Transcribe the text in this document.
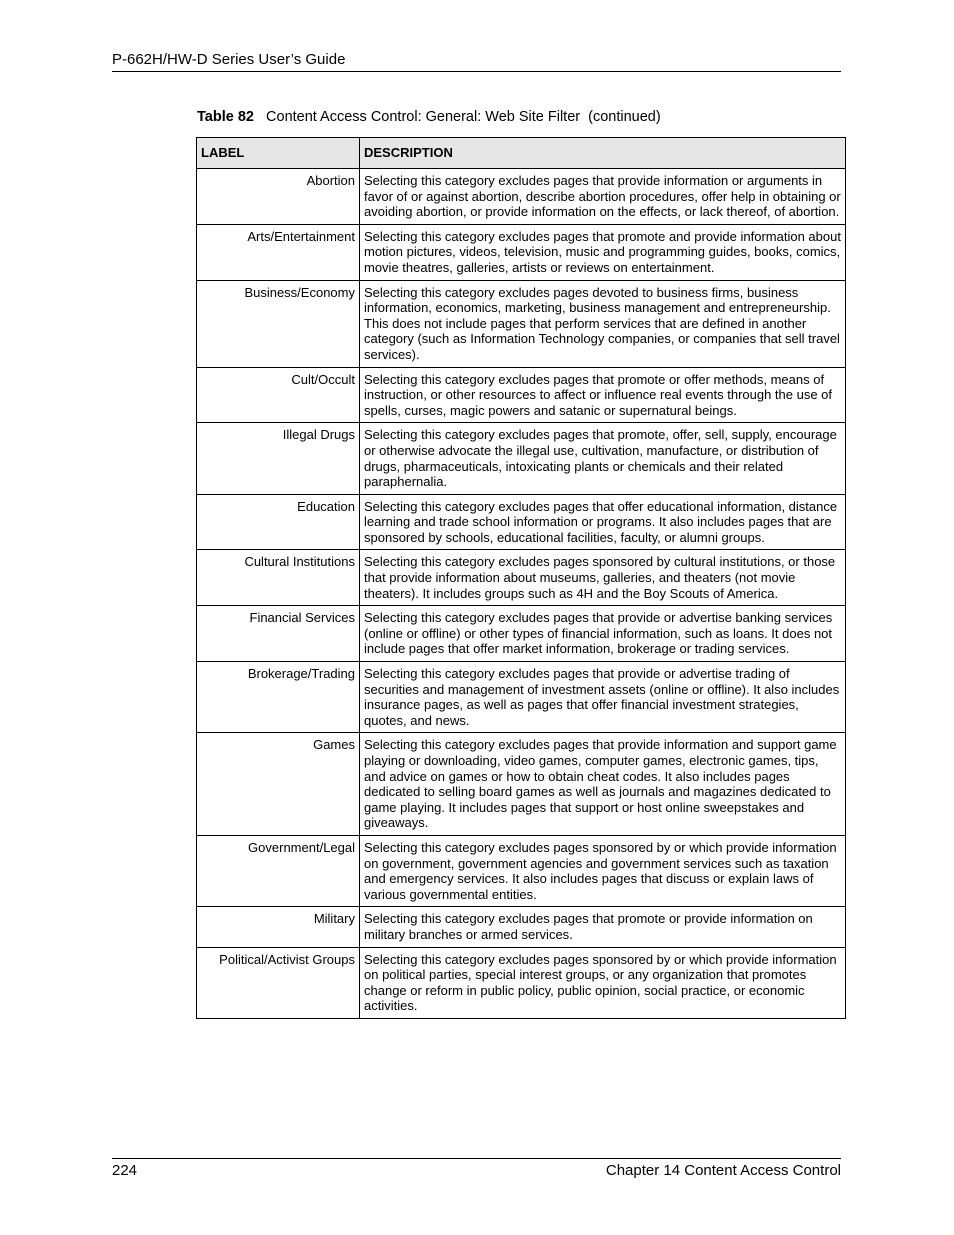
P-662H/HW-D Series User’s Guide
Table 82 Content Access Control: General: Web Site Filter  (continued)
LABEL	DESCRIPTION
Abortion	Selecting this category excludes pages that provide information or arguments in favor of or against abortion, describe abortion procedures, offer help in obtaining or avoiding abortion, or provide information on the effects, or lack thereof, of abortion.
Arts/Entertainment	Selecting this category excludes pages that promote and provide information about motion pictures, videos, television, music and programming guides, books, comics, movie theatres, galleries, artists or reviews on entertainment.
Business/Economy	Selecting this category excludes pages devoted to business firms, business information, economics, marketing, business management and entrepreneurship. This does not include pages that perform services that are defined in another category (such as Information Technology companies, or companies that sell travel services).
Cult/Occult	Selecting this category excludes pages that promote or offer methods, means of instruction, or other resources to affect or influence real events through the use of spells, curses, magic powers and satanic or supernatural beings.
Illegal Drugs	Selecting this category excludes pages that promote, offer, sell, supply, encourage or otherwise advocate the illegal use, cultivation, manufacture, or distribution of drugs, pharmaceuticals, intoxicating plants or chemicals and their related paraphernalia.
Education	Selecting this category excludes pages that offer educational information, distance learning and trade school information or programs. It also includes pages that are sponsored by schools, educational facilities, faculty, or alumni groups.
Cultural Institutions	Selecting this category excludes pages sponsored by cultural institutions, or those that provide information about museums, galleries, and theaters (not movie theaters). It includes groups such as 4H and the Boy Scouts of America.
Financial Services	Selecting this category excludes pages that provide or advertise banking services (online or offline) or other types of financial information, such as loans. It does not include pages that offer market information, brokerage or trading services.
Brokerage/Trading	Selecting this category excludes pages that provide or advertise trading of securities and management of investment assets (online or offline). It also includes insurance pages, as well as pages that offer financial investment strategies, quotes, and news.
Games	Selecting this category excludes pages that provide information and support game playing or downloading, video games, computer games, electronic games, tips, and advice on games or how to obtain cheat codes. It also includes pages dedicated to selling board games as well as journals and magazines dedicated to game playing. It includes pages that support or host online sweepstakes and giveaways.
Government/Legal	Selecting this category excludes pages sponsored by or which provide information on government, government agencies and government services such as taxation and emergency services. It also includes pages that discuss or explain laws of various governmental entities.
Military	Selecting this category excludes pages that promote or provide information on military branches or armed services.
Political/Activist Groups	Selecting this category excludes pages sponsored by or which provide information on political parties, special interest groups, or any organization that promotes change or reform in public policy, public opinion, social practice, or economic activities.
224	Chapter 14 Content Access Control
